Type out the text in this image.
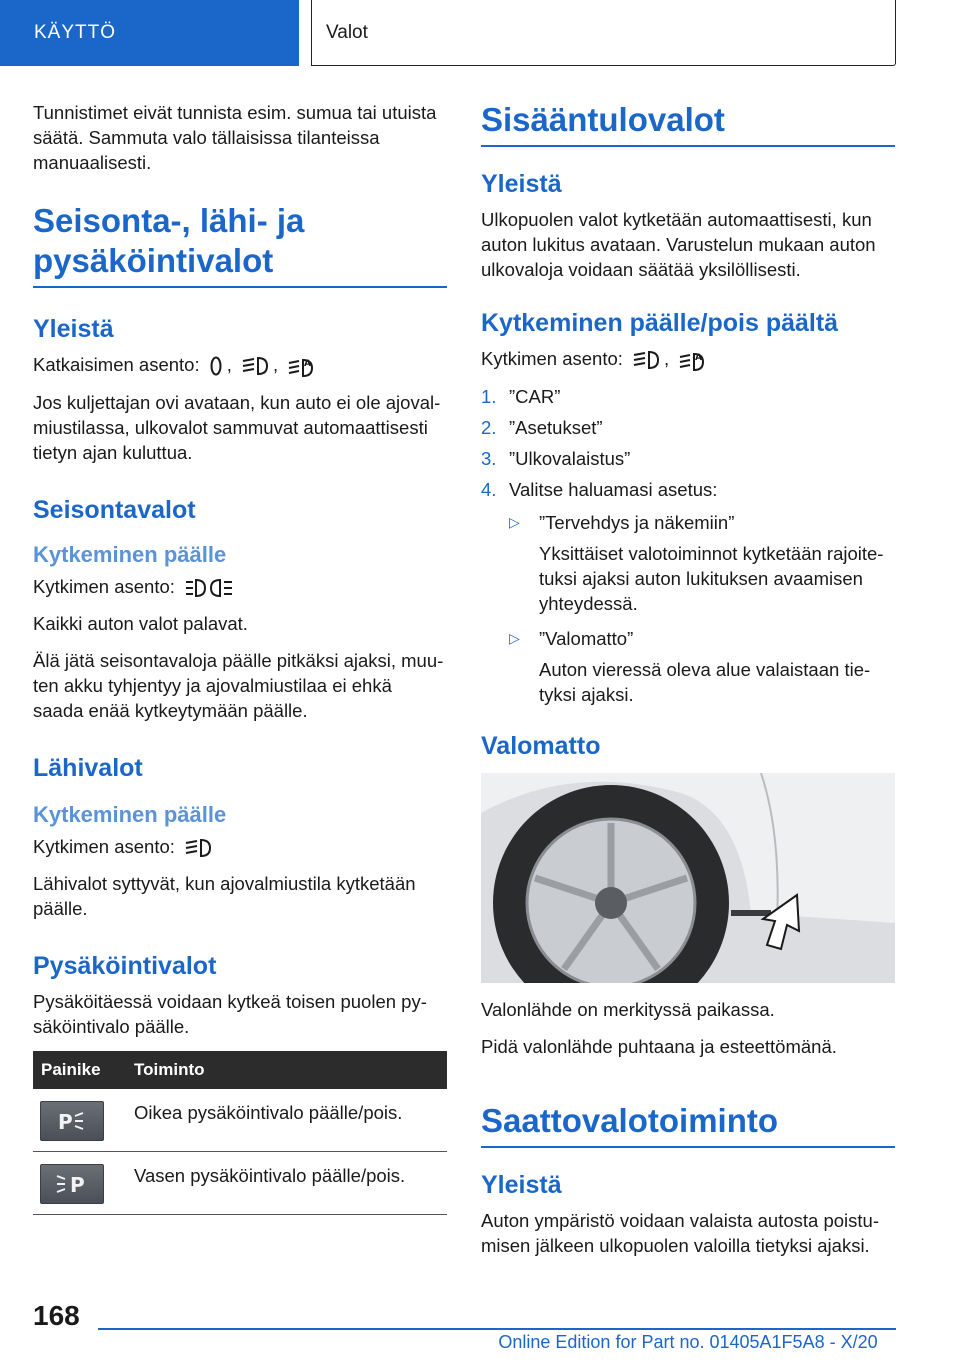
KÄYTTÖ	Valot

Tunnistimet eivät tunnista esim. sumua tai utuista säätä. Sammuta valo tällaisissa tilanteissa manuaalisesti.

Seisonta-, lähi- ja pysäköintivalot
Yleistä

Katkaisimen asento: , ,	A

Jos kuljettajan ovi avataan, kun auto ei ole ajoval-miustilassa, ulkovalot sammuvat automaattisesti tietyn ajan kuluttua.

Seisontavalot
Kytkeminen päälle

Kytkimen asento:

Kaikki auton valot palavat.

Älä jätä seisontavaloja päälle pitkäksi ajaksi, muu-ten akku tyhjentyy ja ajovalmiustilaa ei ehkä saada enää kytkeytymään päälle.

Lähivalot
Kytkeminen päälle

Kytkimen asento:

Lähivalot syttyvät, kun ajovalmiustila kytketään päälle.

Pysäköintivalot

Pysäköitäessä voidaan kytkeä toisen puolen py-säköintivalo päälle.

Painike	Toiminto

P	Oikea pysäköintivalo päälle/pois.

P	Vasen pysäköintivalo päälle/pois.
Sisääntulovalot
Yleistä

Ulkopuolen valot kytketään automaattisesti, kun auton lukitus avataan. Varustelun mukaan auton ulkovaloja voidaan säätää yksilöllisesti.

Kytkeminen päälle/pois päältä

Kytkimen asento: ,	A

1. ”CAR”
2. ”Asetukset”
3. ”Ulkovalaistus”
4. Valitse haluamasi asetus:
▷ ”Tervehdys ja näkemiin”

Yksittäiset valotoiminnot kytketään rajoite-tuksi ajaksi auton lukituksen avaamisen yhteydessä.

▷ ”Valomatto”

Auton vieressä oleva alue valaistaan tie-tyksi ajaksi.

Valomatto

Valonlähde on merkityssä paikassa.

Pidä valonlähde puhtaana ja esteettömänä.

Saattovalotoiminto
Yleistä

Auton ympäristö voidaan valaista autosta poistu-misen jälkeen ulkopuolen valoilla tietyksi ajaksi.

168
Online Edition for Part no. 01405A1F5A8 - X/20
